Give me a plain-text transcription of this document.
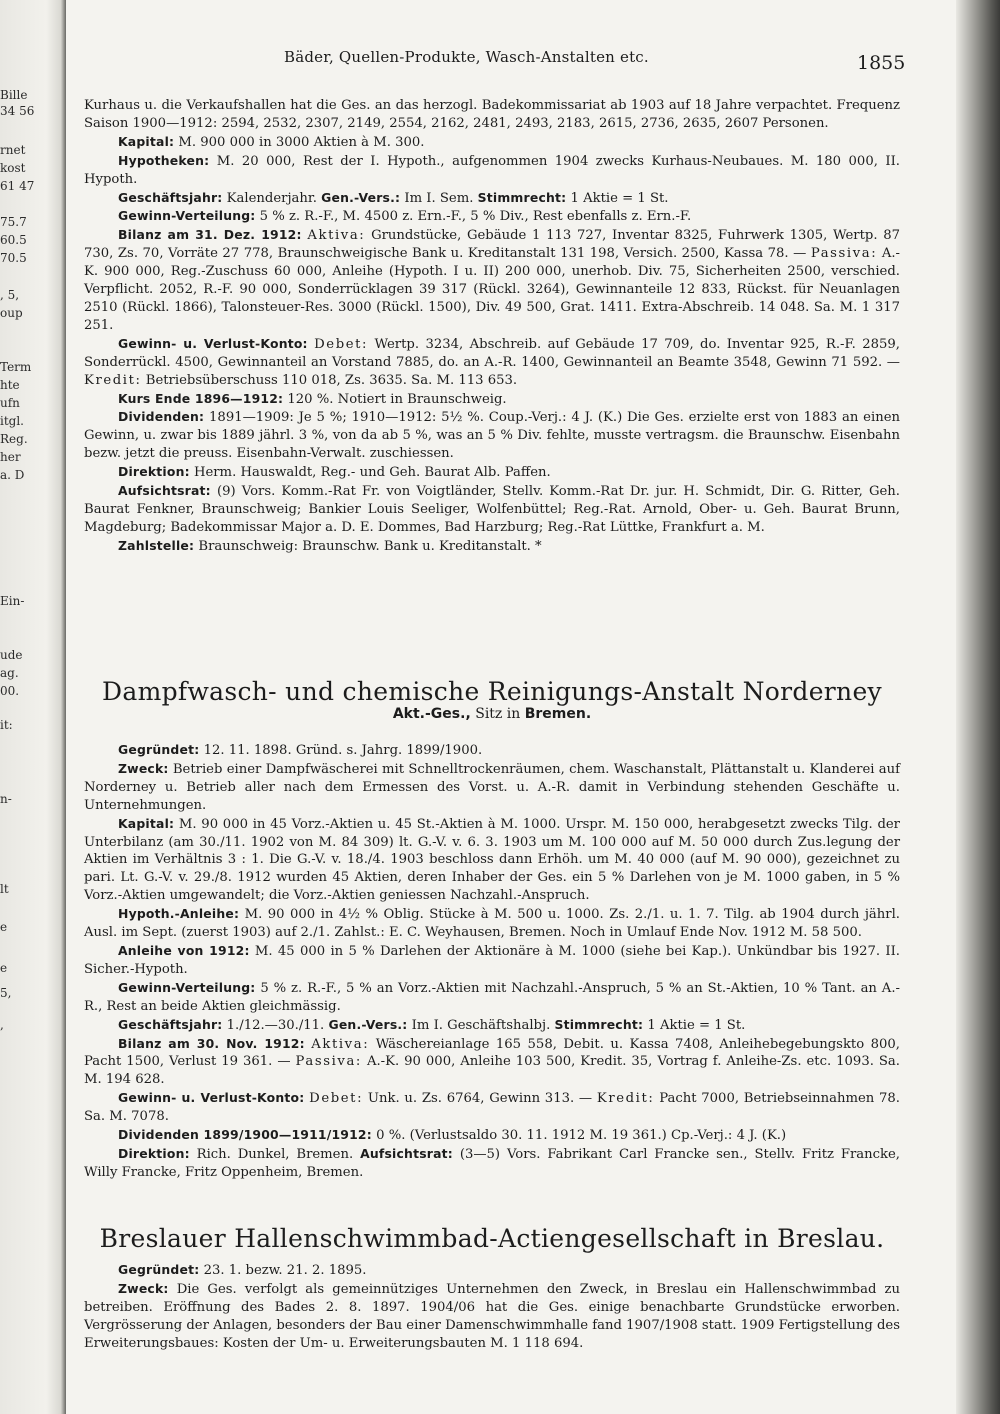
Bille
34 56
rnet
kost
61 47
75.7
60.5
70.5
, 5,
oup
Term
hte
ufn
itgl.
Reg.
her
a. D
Ein-
ude
ag.
00.
it:
n-
lt
e
e
5,
,
Bäder, Quellen-Produkte, Wasch-Anstalten etc.	1855

Kurhaus u. die Verkaufshallen hat die Ges. an das herzogl. Badekommissariat ab 1903 auf 18 Jahre verpachtet. Frequenz Saison 1900—1912: 2594, 2532, 2307, 2149, 2554, 2162, 2481, 2493, 2183, 2615, 2736, 2635, 2607 Personen.

Kapital: M. 900 000 in 3000 Aktien à M. 300.

Hypotheken: M. 20 000, Rest der I. Hypoth., aufgenommen 1904 zwecks Kurhaus-Neubaues. M. 180 000, II. Hypoth.

Geschäftsjahr: Kalenderjahr. Gen.-Vers.: Im I. Sem. Stimmrecht: 1 Aktie = 1 St.

Gewinn-Verteilung: 5 % z. R.-F., M. 4500 z. Ern.-F., 5 % Div., Rest ebenfalls z. Ern.-F.

Bilanz am 31. Dez. 1912: Aktiva: Grundstücke, Gebäude 1 113 727, Inventar 8325, Fuhrwerk 1305, Wertp. 87 730, Zs. 70, Vorräte 27 778, Braunschweigische Bank u. Kreditanstalt 131 198, Versich. 2500, Kassa 78. — Passiva: A.-K. 900 000, Reg.-Zuschuss 60 000, Anleihe (Hypoth. I u. II) 200 000, unerhob. Div. 75, Sicherheiten 2500, verschied. Verpflicht. 2052, R.-F. 90 000, Sonderrücklagen 39 317 (Rückl. 3264), Gewinnanteile 12 833, Rückst. für Neuanlagen 2510 (Rückl. 1866), Talonsteuer-Res. 3000 (Rückl. 1500), Div. 49 500, Grat. 1411. Extra-Abschreib. 14 048. Sa. M. 1 317 251.

Gewinn- u. Verlust-Konto: Debet: Wertp. 3234, Abschreib. auf Gebäude 17 709, do. Inventar 925, R.-F. 2859, Sonderrückl. 4500, Gewinnanteil an Vorstand 7885, do. an A.-R. 1400, Gewinnanteil an Beamte 3548, Gewinn 71 592. — Kredit: Betriebsüberschuss 110 018, Zs. 3635. Sa. M. 113 653.

Kurs Ende 1896—1912: 120 %. Notiert in Braunschweig.

Dividenden: 1891—1909: Je 5 %; 1910—1912: 5½ %. Coup.-Verj.: 4 J. (K.) Die Ges. erzielte erst von 1883 an einen Gewinn, u. zwar bis 1889 jährl. 3 %, von da ab 5 %, was an 5 % Div. fehlte, musste vertragsm. die Braunschw. Eisenbahn bezw. jetzt die preuss. Eisenbahn-Verwalt. zuschiessen.

Direktion: Herm. Hauswaldt, Reg.- und Geh. Baurat Alb. Paffen.

Aufsichtsrat: (9) Vors. Komm.-Rat Fr. von Voigtländer, Stellv. Komm.-Rat Dr. jur. H. Schmidt, Dir. G. Ritter, Geh. Baurat Fenkner, Braunschweig; Bankier Louis Seeliger, Wolfenbüttel; Reg.-Rat. Arnold, Ober- u. Geh. Baurat Brunn, Magdeburg; Badekommissar Major a. D. E. Dommes, Bad Harzburg; Reg.-Rat Lüttke, Frankfurt a. M.

Zahlstelle: Braunschweig: Braunschw. Bank u. Kreditanstalt. *

Dampfwasch- und chemische Reinigungs-Anstalt Norderney
Akt.-Ges., Sitz in Bremen.

Gegründet: 12. 11. 1898. Gründ. s. Jahrg. 1899/1900.

Zweck: Betrieb einer Dampfwäscherei mit Schnelltrockenräumen, chem. Waschanstalt, Plättanstalt u. Klanderei auf Norderney u. Betrieb aller nach dem Ermessen des Vorst. u. A.-R. damit in Verbindung stehenden Geschäfte u. Unternehmungen.

Kapital: M. 90 000 in 45 Vorz.-Aktien u. 45 St.-Aktien à M. 1000. Urspr. M. 150 000, herabgesetzt zwecks Tilg. der Unterbilanz (am 30./11. 1902 von M. 84 309) lt. G.-V. v. 6. 3. 1903 um M. 100 000 auf M. 50 000 durch Zus.legung der Aktien im Verhältnis 3 : 1. Die G.-V. v. 18./4. 1903 beschloss dann Erhöh. um M. 40 000 (auf M. 90 000), gezeichnet zu pari. Lt. G.-V. v. 29./8. 1912 wurden 45 Aktien, deren Inhaber der Ges. ein 5 % Darlehen von je M. 1000 gaben, in 5 % Vorz.-Aktien umgewandelt; die Vorz.-Aktien geniessen Nachzahl.-Anspruch.

Hypoth.-Anleihe: M. 90 000 in 4½ % Oblig. Stücke à M. 500 u. 1000. Zs. 2./1. u. 1. 7. Tilg. ab 1904 durch jährl. Ausl. im Sept. (zuerst 1903) auf 2./1. Zahlst.: E. C. Weyhausen, Bremen. Noch in Umlauf Ende Nov. 1912 M. 58 500.

Anleihe von 1912: M. 45 000 in 5 % Darlehen der Aktionäre à M. 1000 (siehe bei Kap.). Unkündbar bis 1927. II. Sicher.-Hypoth.

Gewinn-Verteilung: 5 % z. R.-F., 5 % an Vorz.-Aktien mit Nachzahl.-Anspruch, 5 % an St.-Aktien, 10 % Tant. an A.-R., Rest an beide Aktien gleichmässig.

Geschäftsjahr: 1./12.—30./11. Gen.-Vers.: Im I. Geschäftshalbj. Stimmrecht: 1 Aktie = 1 St.

Bilanz am 30. Nov. 1912: Aktiva: Wäschereianlage 165 558, Debit. u. Kassa 7408, Anleihebegebungskto 800, Pacht 1500, Verlust 19 361. — Passiva: A.-K. 90 000, Anleihe 103 500, Kredit. 35, Vortrag f. Anleihe-Zs. etc. 1093. Sa. M. 194 628.

Gewinn- u. Verlust-Konto: Debet: Unk. u. Zs. 6764, Gewinn 313. — Kredit: Pacht 7000, Betriebseinnahmen 78. Sa. M. 7078.

Dividenden 1899/1900—1911/1912: 0 %. (Verlustsaldo 30. 11. 1912 M. 19 361.) Cp.-Verj.: 4 J. (K.)

Direktion: Rich. Dunkel, Bremen. Aufsichtsrat: (3—5) Vors. Fabrikant Carl Francke sen., Stellv. Fritz Francke, Willy Francke, Fritz Oppenheim, Bremen.

Breslauer Hallenschwimmbad-Actiengesellschaft in Breslau.

Gegründet: 23. 1. bezw. 21. 2. 1895.

Zweck: Die Ges. verfolgt als gemeinnütziges Unternehmen den Zweck, in Breslau ein Hallenschwimmbad zu betreiben. Eröffnung des Bades 2. 8. 1897. 1904/06 hat die Ges. einige benachbarte Grundstücke erworben. Vergrösserung der Anlagen, besonders der Bau einer Damenschwimmhalle fand 1907/1908 statt. 1909 Fertigstellung des Erweiterungsbaues: Kosten der Um- u. Erweiterungsbauten M. 1 118 694.
